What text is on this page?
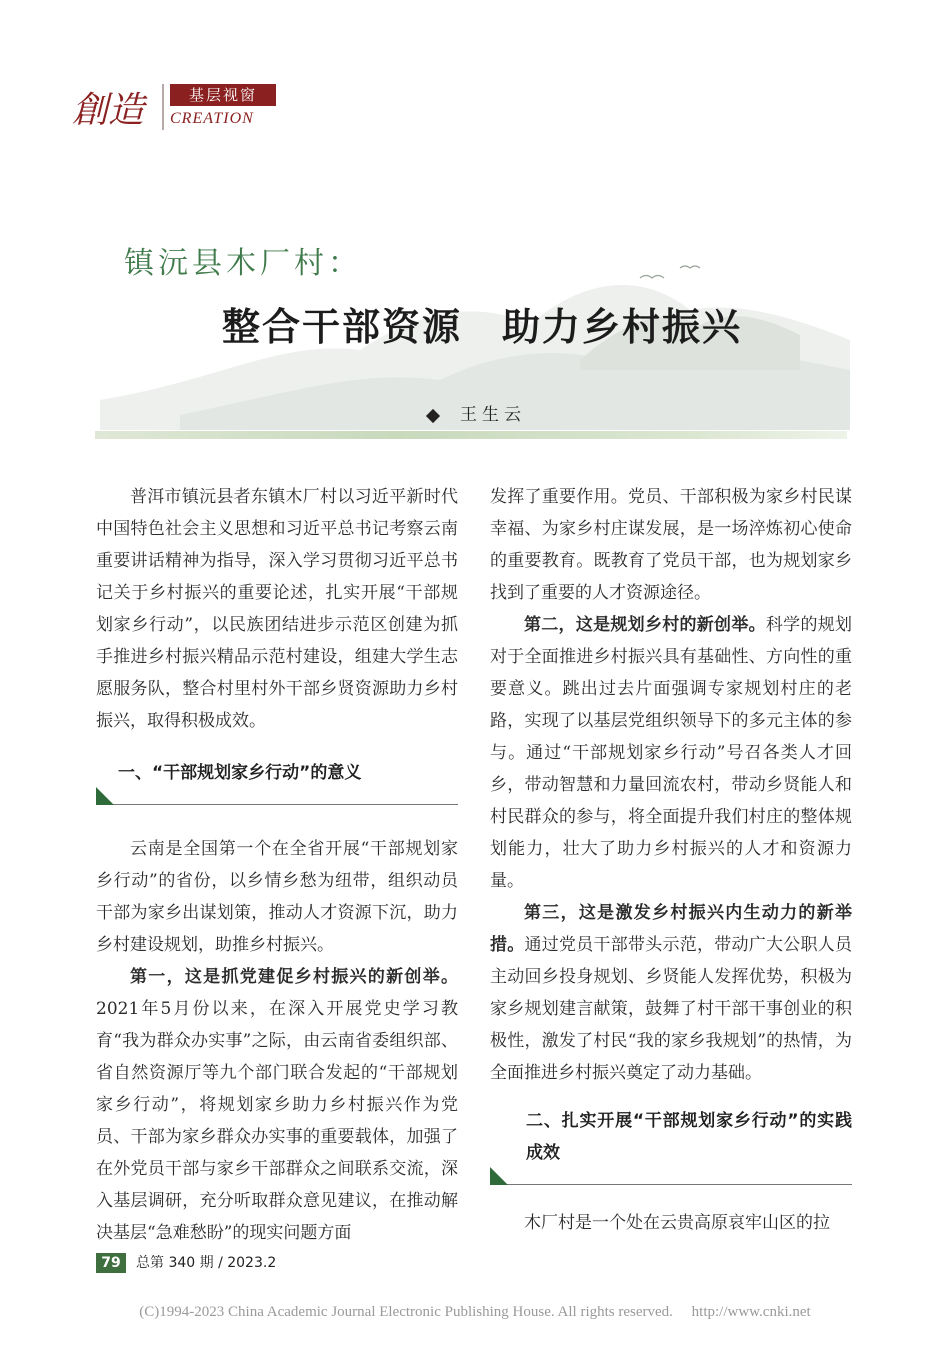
創造	基层视窗
CREATION
镇沅县木厂村：
整合干部资源　助力乡村振兴
王生云

普洱市镇沅县者东镇木厂村以习近平新时代中国特色社会主义思想和习近平总书记考察云南重要讲话精神为指导，深入学习贯彻习近平总书记关于乡村振兴的重要论述，扎实开展“干部规划家乡行动”，以民族团结进步示范区创建为抓手推进乡村振兴精品示范村建设，组建大学生志愿服务队，整合村里村外干部乡贤资源助力乡村振兴，取得积极成效。

一、“干部规划家乡行动”的意义

云南是全国第一个在全省开展“干部规划家乡行动”的省份，以乡情乡愁为纽带，组织动员干部为家乡出谋划策，推动人才资源下沉，助力乡村建设规划，助推乡村振兴。

第一，这是抓党建促乡村振兴的新创举。2021年5月份以来，在深入开展党史学习教育“我为群众办实事”之际，由云南省委组织部、省自然资源厅等九个部门联合发起的“干部规划家乡行动”，将规划家乡助力乡村振兴作为党员、干部为家乡群众办实事的重要载体，加强了在外党员干部与家乡干部群众之间联系交流，深入基层调研，充分听取群众意见建议，在推动解决基层“急难愁盼”的现实问题方面

发挥了重要作用。党员、干部积极为家乡村民谋幸福、为家乡村庄谋发展，是一场淬炼初心使命的重要教育。既教育了党员干部，也为规划家乡找到了重要的人才资源途径。

第二，这是规划乡村的新创举。科学的规划对于全面推进乡村振兴具有基础性、方向性的重要意义。跳出过去片面强调专家规划村庄的老路，实现了以基层党组织领导下的多元主体的参与。通过“干部规划家乡行动”号召各类人才回乡，带动智慧和力量回流农村，带动乡贤能人和村民群众的参与，将全面提升我们村庄的整体规划能力，壮大了助力乡村振兴的人才和资源力量。

第三，这是激发乡村振兴内生动力的新举措。通过党员干部带头示范，带动广大公职人员主动回乡投身规划、乡贤能人发挥优势，积极为家乡规划建言献策，鼓舞了村干部干事创业的积极性，激发了村民“我的家乡我规划”的热情，为全面推进乡村振兴奠定了动力基础。

二、扎实开展“干部规划家乡行动”的实践成效

木厂村是一个处在云贵高原哀牢山区的拉

79	总第 340 期 / 2023.2
(C)1994-2023 China Academic Journal Electronic Publishing House. All rights reserved.　 http://www.cnki.net
